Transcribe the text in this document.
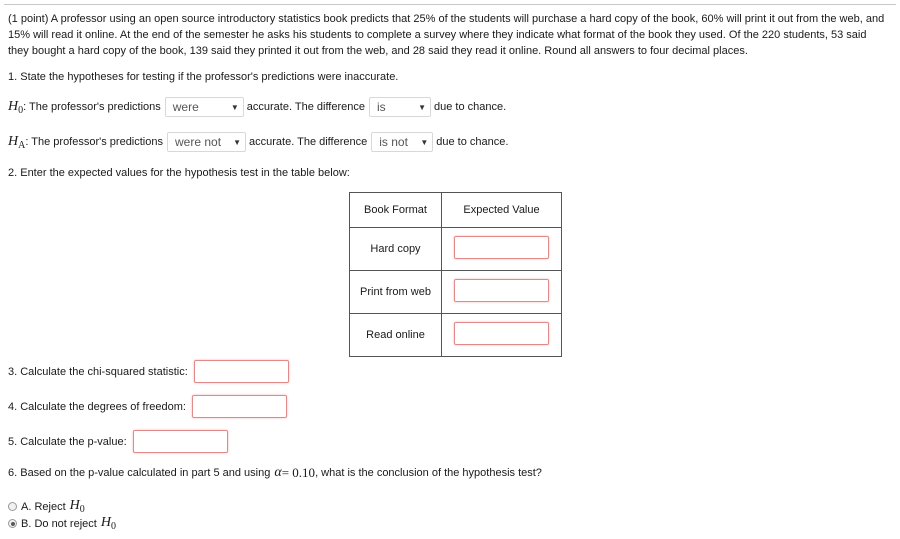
(1 point) A professor using an open source introductory statistics book predicts that 25% of the students will purchase a hard copy of the book, 60% will print it out from the web, and 15% will read it online. At the end of the semester he asks his students to complete a survey where they indicate what format of the book they used. Of the 220 students, 53 said they bought a hard copy of the book, 139 said they printed it out from the web, and 28 said they read it online. Round all answers to four decimal places.
1. State the hypotheses for testing if the professor's predictions were inaccurate.
$H_0$ : The professor's predictions were	▼ accurate. The difference is	▼ due to chance.
$H_A$ : The professor's predictions were not ▼ accurate. The difference is not ▼ due to chance.
2. Enter the expected values for the hypothesis test in the table below:
Book Format	Expected Value
Hard copy	
Print from web	
Read online	
3. Calculate the chi-squared statistic:
4. Calculate the degrees of freedom:
5. Calculate the p-value:
6. Based on the p-value calculated in part 5 and using α = 0.10 , what is the conclusion of the hypothesis test?
A. Reject $H_0$
B. Do not reject $H_0$
